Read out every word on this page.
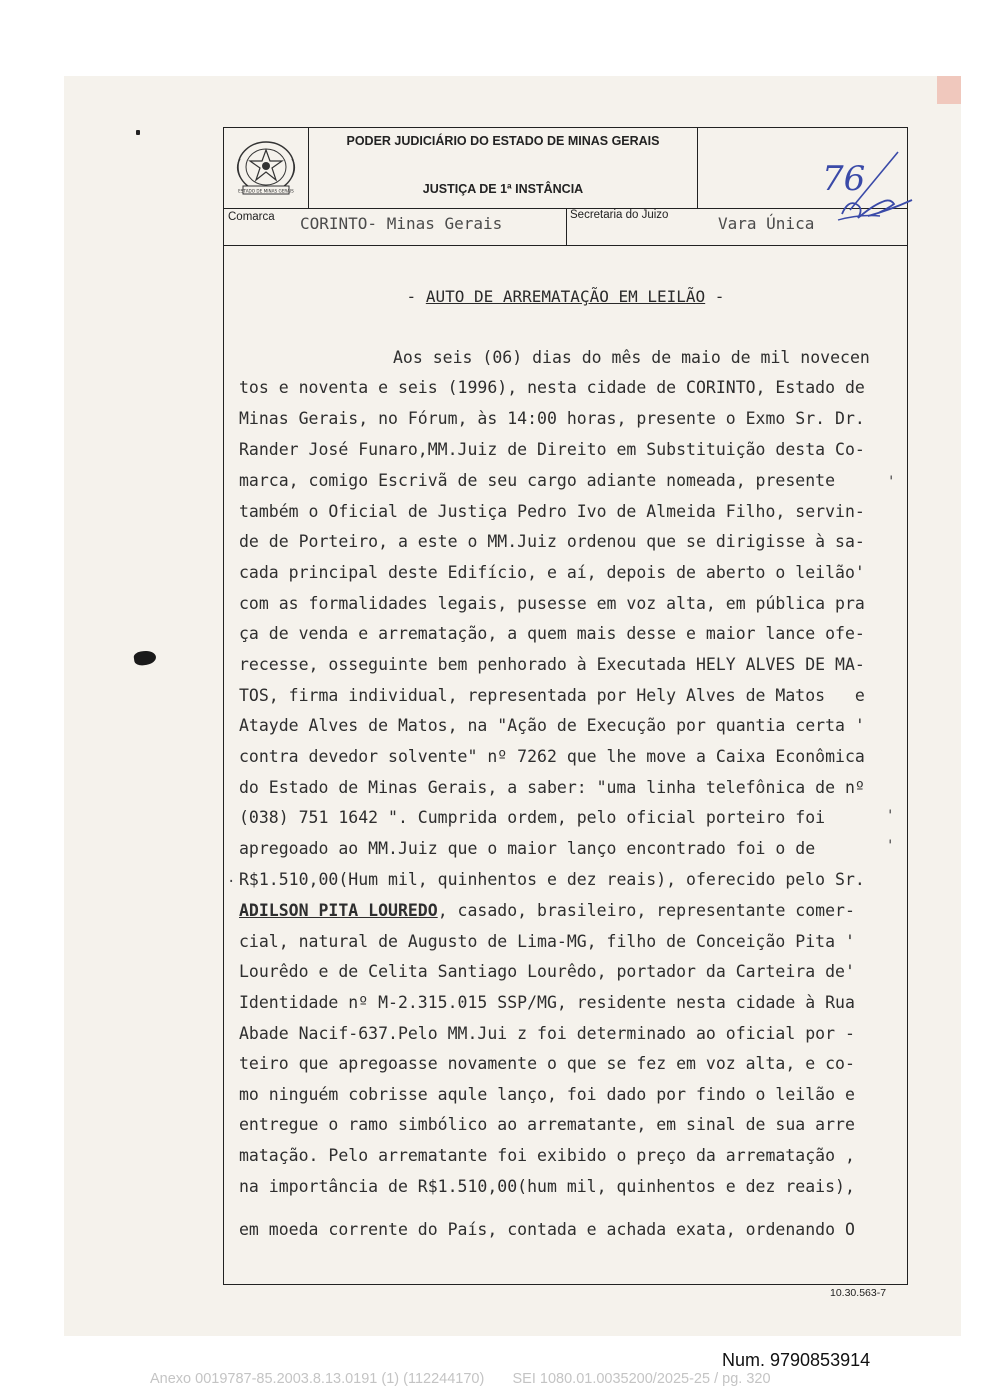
ESTADO DE MINAS GERAIS
PODER JUDICIÁRIO DO ESTADO DE MINAS GERAIS
JUSTIÇA DE 1ª INSTÂNCIA	76
Comarca CORINTO- Minas Gerais	Secretaria do Juizo	Vara Única
- AUTO DE ARREMATAÇÃO EM LEILÃO -
Aos seis (06) dias do mês de maio de mil novecen
tos e noventa e seis (1996), nesta cidade de CORINTO, Estado de
Minas Gerais, no Fórum, às 14:00 horas, presente o Exmo Sr. Dr.
Rander José Funaro,MM.Juiz de Direito em Substituição desta Co-
marca, comigo Escrivã de seu cargo adiante nomeada, presente
também o Oficial de Justiça Pedro Ivo de Almeida Filho, servin-
de de Porteiro, a este o MM.Juiz ordenou que se dirigisse à sa-
cada principal deste Edifício, e aí, depois de aberto o leilão'
com as formalidades legais, pusesse em voz alta, em pública pra
ça de venda e arrematação, a quem mais desse e maior lance ofe-
recesse, osseguinte bem penhorado à Executada HELY ALVES DE MA-
TOS, firma individual, representada por Hely Alves de Matos   e
Atayde Alves de Matos, na "Ação de Execução por quantia certa '
contra devedor solvente" nº 7262 que lhe move a Caixa Econômica
do Estado de Minas Gerais, a saber: "uma linha telefônica de nº
(038) 751 1642 ". Cumprida ordem, pelo oficial porteiro foi
apregoado ao MM.Juiz que o maior lanço encontrado foi o de
R$1.510,00(Hum mil, quinhentos e dez reais), oferecido pelo Sr.
ADILSON PITA LOUREDO, casado, brasileiro, representante comer-
cial, natural de Augusto de Lima-MG, filho de Conceição Pita '
Lourêdo e de Celita Santiago Lourêdo, portador da Carteira de'
Identidade nº M-2.315.015 SSP/MG, residente nesta cidade à Rua
Abade Nacif-637.Pelo MM.Jui z foi determinado ao oficial por -
teiro que apregoasse novamente o que se fez em voz alta, e co-
mo ninguém cobrisse aqule lanço, foi dado por findo o leilão e
entregue o ramo simbólico ao arrematante, em sinal de sua arre
matação. Pelo arrematante foi exibido o preço da arrematação ,
na importância de R$1.510,00(hum mil, quinhentos e dez reais),
em moeda corrente do País, contada e achada exata, ordenando O
'
'
'
.
10.30.563-7
Num. 9790853914
Anexo 0019787-85.2003.8.13.0191 (1) (112244170)       SEI 1080.01.0035200/2025-25 / pg. 320
